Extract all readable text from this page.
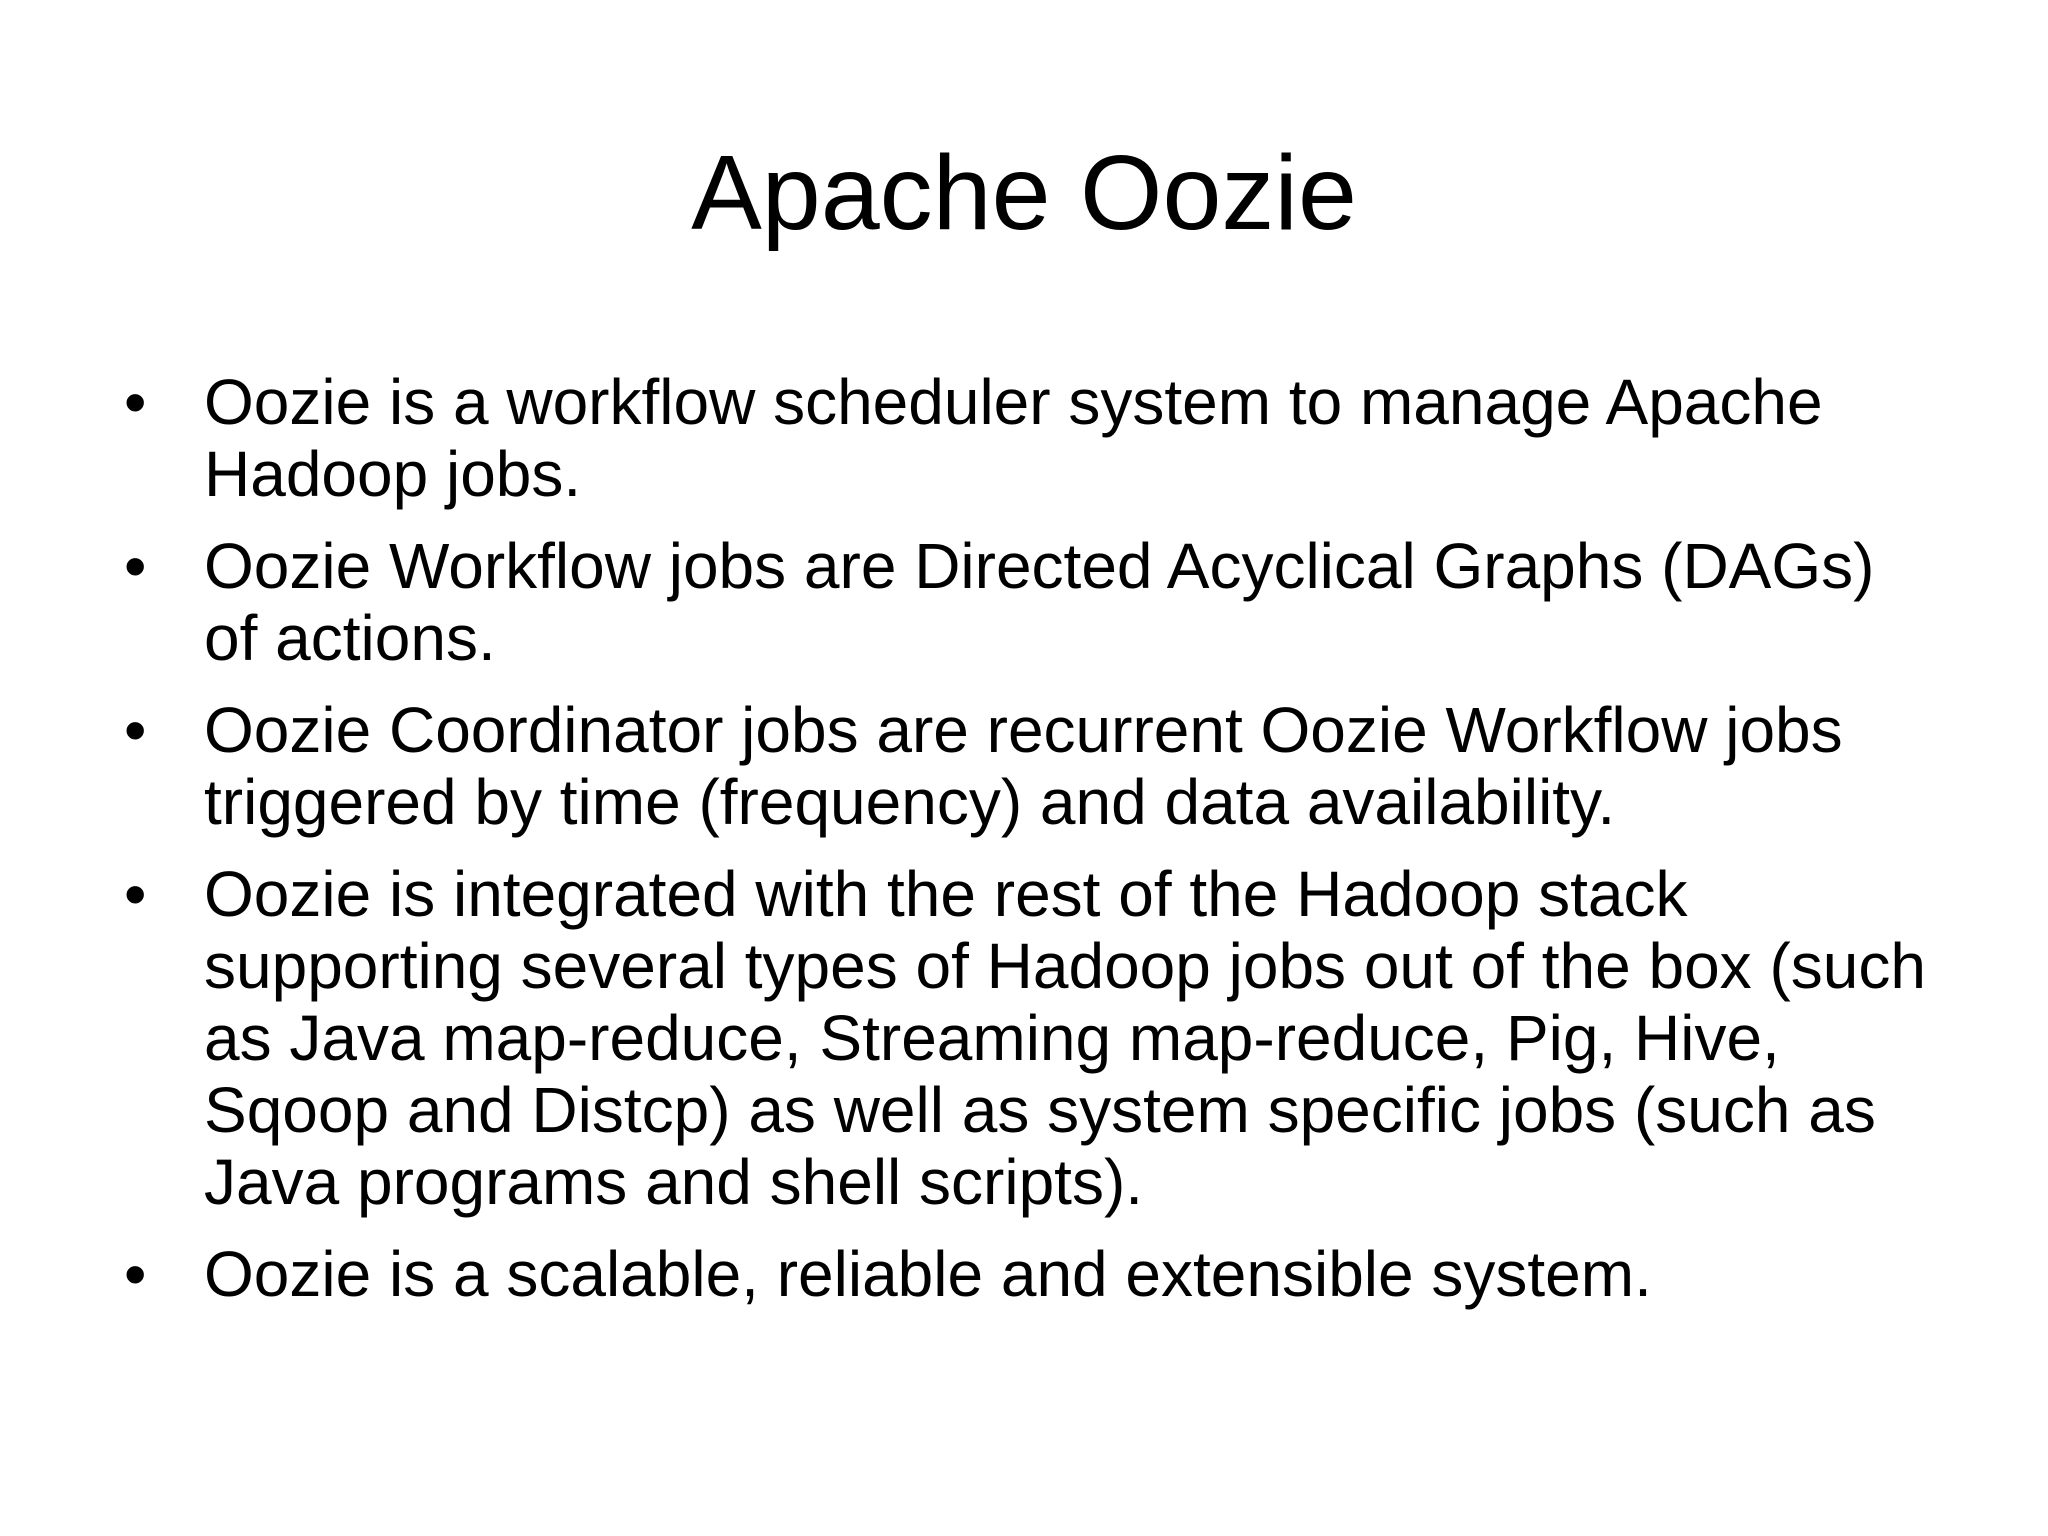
Apache Oozie
• Oozie is a workflow scheduler system to manage Apache Hadoop jobs.
• Oozie Workflow jobs are Directed Acyclical Graphs (DAGs) of actions.
• Oozie Coordinator jobs are recurrent Oozie Workflow jobs triggered by time (frequency) and data availability.
• Oozie is integrated with the rest of the Hadoop stack supporting several types of Hadoop jobs out of the box (such as Java map-reduce, Streaming map-reduce, Pig, Hive, Sqoop and Distcp) as well as system specific jobs (such as Java programs and shell scripts).
• Oozie is a scalable, reliable and extensible system.
